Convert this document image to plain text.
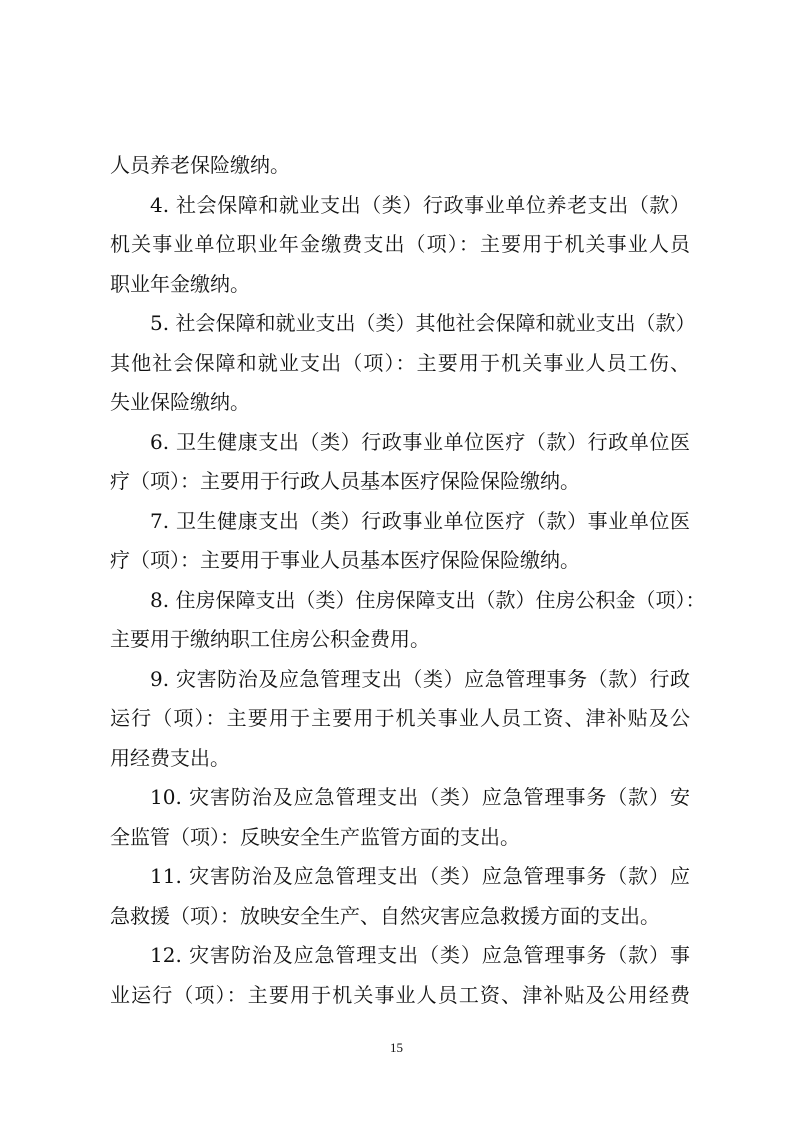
人员养老保险缴纳。
4. 社会保障和就业支出（类）行政事业单位养老支出（款）
机关事业单位职业年金缴费支出（项）：主要用于机关事业人员
职业年金缴纳。
5. 社会保障和就业支出（类）其他社会保障和就业支出（款）
其他社会保障和就业支出（项）：主要用于机关事业人员工伤、
失业保险缴纳。
6. 卫生健康支出（类）行政事业单位医疗（款）行政单位医
疗（项）：主要用于行政人员基本医疗保险保险缴纳。
7. 卫生健康支出（类）行政事业单位医疗（款）事业单位医
疗（项）：主要用于事业人员基本医疗保险保险缴纳。
8. 住房保障支出（类）住房保障支出（款）住房公积金（项）：
主要用于缴纳职工住房公积金费用。
9. 灾害防治及应急管理支出（类）应急管理事务（款）行政
运行（项）：主要用于主要用于机关事业人员工资、津补贴及公
用经费支出。
10. 灾害防治及应急管理支出（类）应急管理事务（款）安
全监管（项）：反映安全生产监管方面的支出。
11. 灾害防治及应急管理支出（类）应急管理事务（款）应
急救援（项）：放映安全生产、自然灾害应急救援方面的支出。
12. 灾害防治及应急管理支出（类）应急管理事务（款）事
业运行（项）：主要用于机关事业人员工资、津补贴及公用经费
15
